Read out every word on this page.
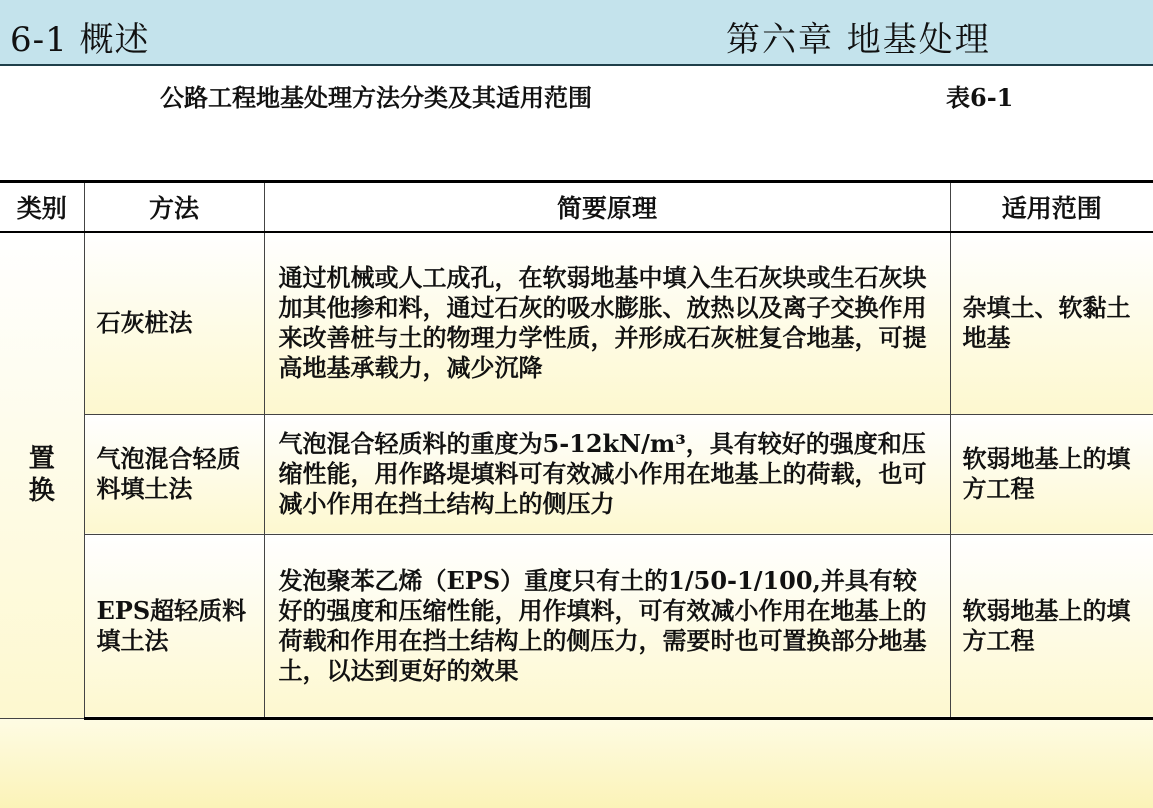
6-1 概述	第六章 地基处理
公路工程地基处理方法分类及其适用范围	表6-1
类别	方法	简要原理	适用范围

置换	石灰桩法	通过机械或人工成孔，在软弱地基中填入生石灰块或生石灰块加其他掺和料，通过石灰的吸水膨胀、放热以及离子交换作用来改善桩与土的物理力学性质，并形成石灰桩复合地基，可提高地基承载力，减少沉降	杂填土、软黏土地基
	气泡混合轻质料填土法	气泡混合轻质料的重度为5-12kN/m³，具有较好的强度和压缩性能，用作路堤填料可有效减小作用在地基上的荷载，也可减小作用在挡土结构上的侧压力	软弱地基上的填方工程
	EPS超轻质料填土法	发泡聚苯乙烯（EPS）重度只有土的1/50-1/100,并具有较好的强度和压缩性能，用作填料，可有效减小作用在地基上的荷载和作用在挡土结构上的侧压力，需要时也可置换部分地基土，以达到更好的效果	软弱地基上的填方工程
